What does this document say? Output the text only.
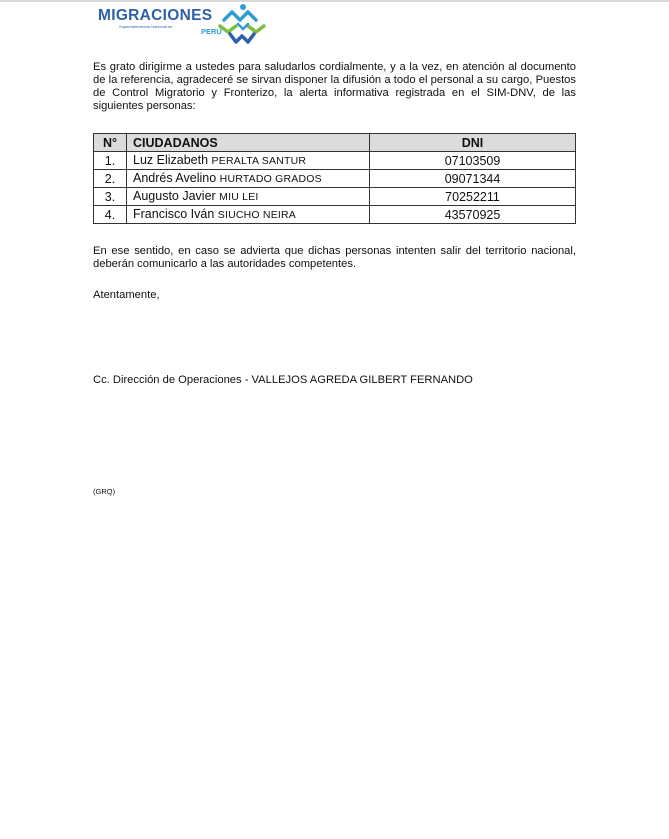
MIGRACIONES
Superintendencia Nacional de
PERÚ

Es grato dirigirme a ustedes para saludarlos cordialmente, y a la vez, en atención al documento de la referencia, agradeceré se sirvan disponer la difusión a todo el personal a su cargo, Puestos de Control Migratorio y Fronterizo, la alerta informativa registrada en el SIM-DNV, de las siguientes personas:

N°	CIUDADANOS	DNI
1.	Luz Elizabeth PERALTA SANTUR	07103509
2.	Andrés Avelino HURTADO GRADOS	09071344
3.	Augusto Javier MIU LEI	70252211
4.	Francisco Iván SIUCHO NEIRA	43570925

En ese sentido, en caso se advierta que dichas personas intenten salir del territorio nacional, deberán comunicarlo a las autoridades competentes.

Atentamente,

Cc. Dirección de Operaciones - VALLEJOS AGREDA GILBERT FERNANDO
(GRQ)
